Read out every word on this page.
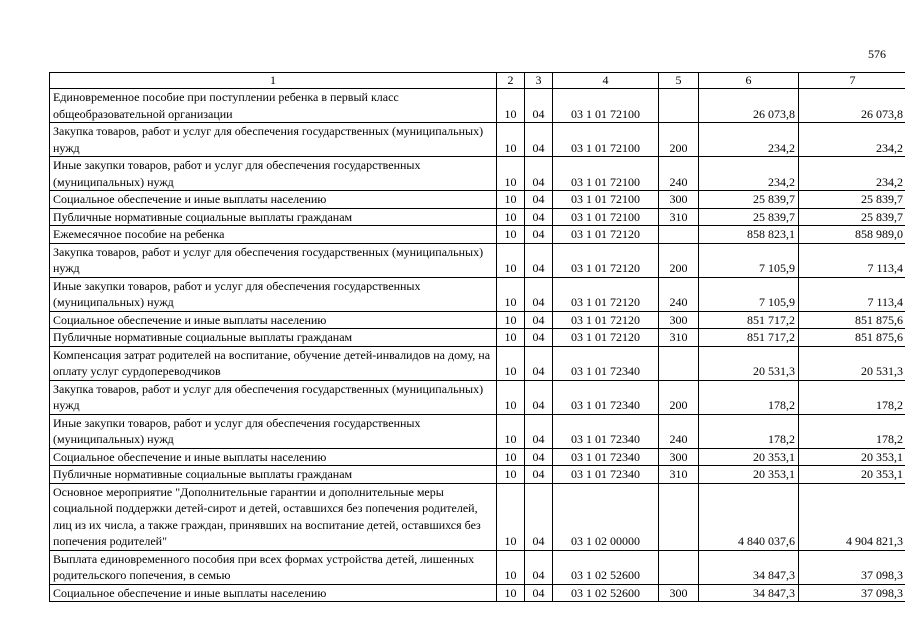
576
1	2	3	4	5	6	7
Единовременное пособие при поступлении ребенка в первый класс общеобразовательной организации	10	04	03 1 01 72100		26 073,8	26 073,8
Закупка товаров, работ и услуг для обеспечения государственных (муниципальных) нужд	10	04	03 1 01 72100	200	234,2	234,2
Иные закупки товаров, работ и услуг для обеспечения государственных (муниципальных) нужд	10	04	03 1 01 72100	240	234,2	234,2
Социальное обеспечение и иные выплаты населению	10	04	03 1 01 72100	300	25 839,7	25 839,7
Публичные нормативные социальные выплаты гражданам	10	04	03 1 01 72100	310	25 839,7	25 839,7
Ежемесячное пособие на ребенка	10	04	03 1 01 72120		858 823,1	858 989,0
Закупка товаров, работ и услуг для обеспечения государственных (муниципальных) нужд	10	04	03 1 01 72120	200	7 105,9	7 113,4
Иные закупки товаров, работ и услуг для обеспечения государственных (муниципальных) нужд	10	04	03 1 01 72120	240	7 105,9	7 113,4
Социальное обеспечение и иные выплаты населению	10	04	03 1 01 72120	300	851 717,2	851 875,6
Публичные нормативные социальные выплаты гражданам	10	04	03 1 01 72120	310	851 717,2	851 875,6
Компенсация затрат родителей на воспитание, обучение детей-инвалидов на дому, на оплату услуг сурдопереводчиков	10	04	03 1 01 72340		20 531,3	20 531,3
Закупка товаров, работ и услуг для обеспечения государственных (муниципальных) нужд	10	04	03 1 01 72340	200	178,2	178,2
Иные закупки товаров, работ и услуг для обеспечения государственных (муниципальных) нужд	10	04	03 1 01 72340	240	178,2	178,2
Социальное обеспечение и иные выплаты населению	10	04	03 1 01 72340	300	20 353,1	20 353,1
Публичные нормативные социальные выплаты гражданам	10	04	03 1 01 72340	310	20 353,1	20 353,1
Основное мероприятие "Дополнительные гарантии и дополнительные меры социальной поддержки детей-сирот и детей, оставшихся без попечения родителей, лиц из их числа, а также граждан, принявших на воспитание детей, оставшихся без попечения родителей"	10	04	03 1 02 00000		4 840 037,6	4 904 821,3
Выплата единовременного пособия при всех формах устройства детей, лишенных родительского попечения, в семью	10	04	03 1 02 52600		34 847,3	37 098,3
Социальное обеспечение и иные выплаты населению	10	04	03 1 02 52600	300	34 847,3	37 098,3
